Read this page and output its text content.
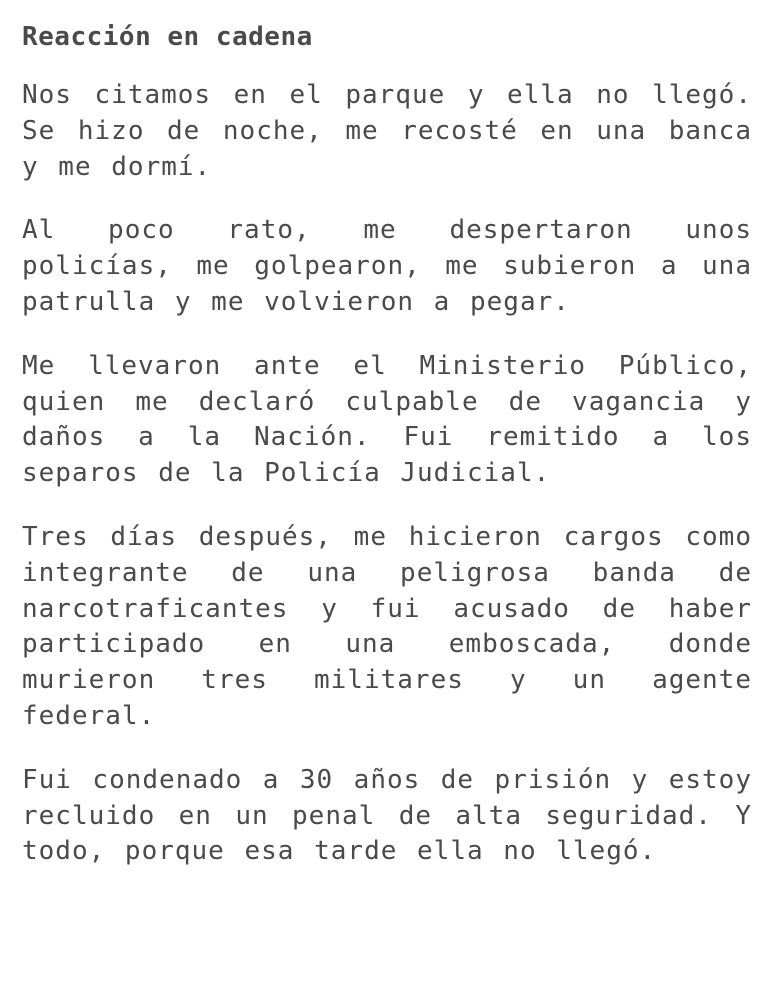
Reacción en cadena

Nos citamos en el parque y ella no llegó. Se hizo de noche, me recosté en una banca y me dormí.

Al poco rato, me despertaron unos policías, me golpearon, me subieron a una patrulla y me volvieron a pegar.

Me llevaron ante el Ministerio Público, quien me declaró culpable de vagancia y daños a la Nación. Fui remitido a los separos de la Policía Judicial.

Tres días después, me hicieron cargos como integrante de una peligrosa banda de narcotraficantes y fui acusado de haber participado en una emboscada, donde murieron tres militares y un agente federal.

Fui condenado a 30 años de prisión y estoy recluido en un penal de alta seguridad. Y todo, porque esa tarde ella no llegó.
